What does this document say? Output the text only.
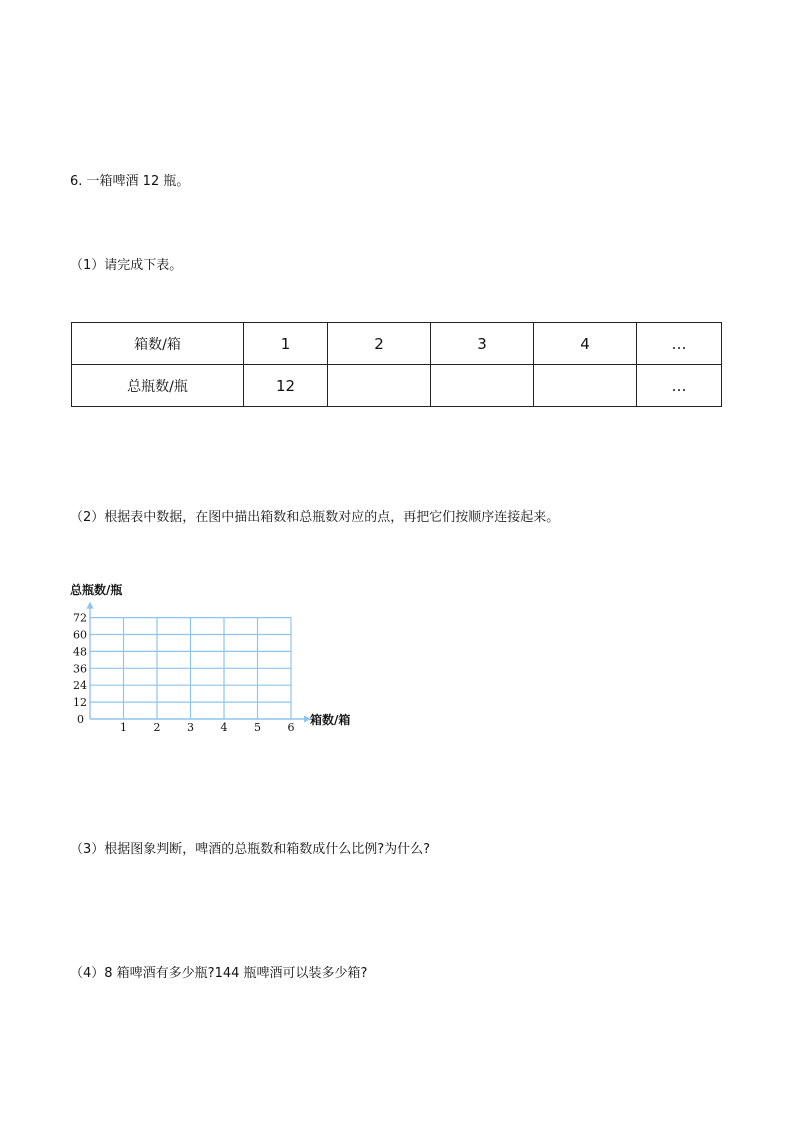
6. 一箱啤酒 12 瓶。
（1）请完成下表。
箱数/箱	1	2	3	4	…
总瓶数/瓶	12				…
（2）根据表中数据，在图中描出箱数和总瓶数对应的点，再把它们按顺序连接起来。
1 2 3 4 5 6
72
60
48
36
24
12
0
总瓶数/瓶
箱数/箱
（3）根据图象判断，啤酒的总瓶数和箱数成什么比例?为什么?
（4）8 箱啤酒有多少瓶?144 瓶啤酒可以装多少箱?
